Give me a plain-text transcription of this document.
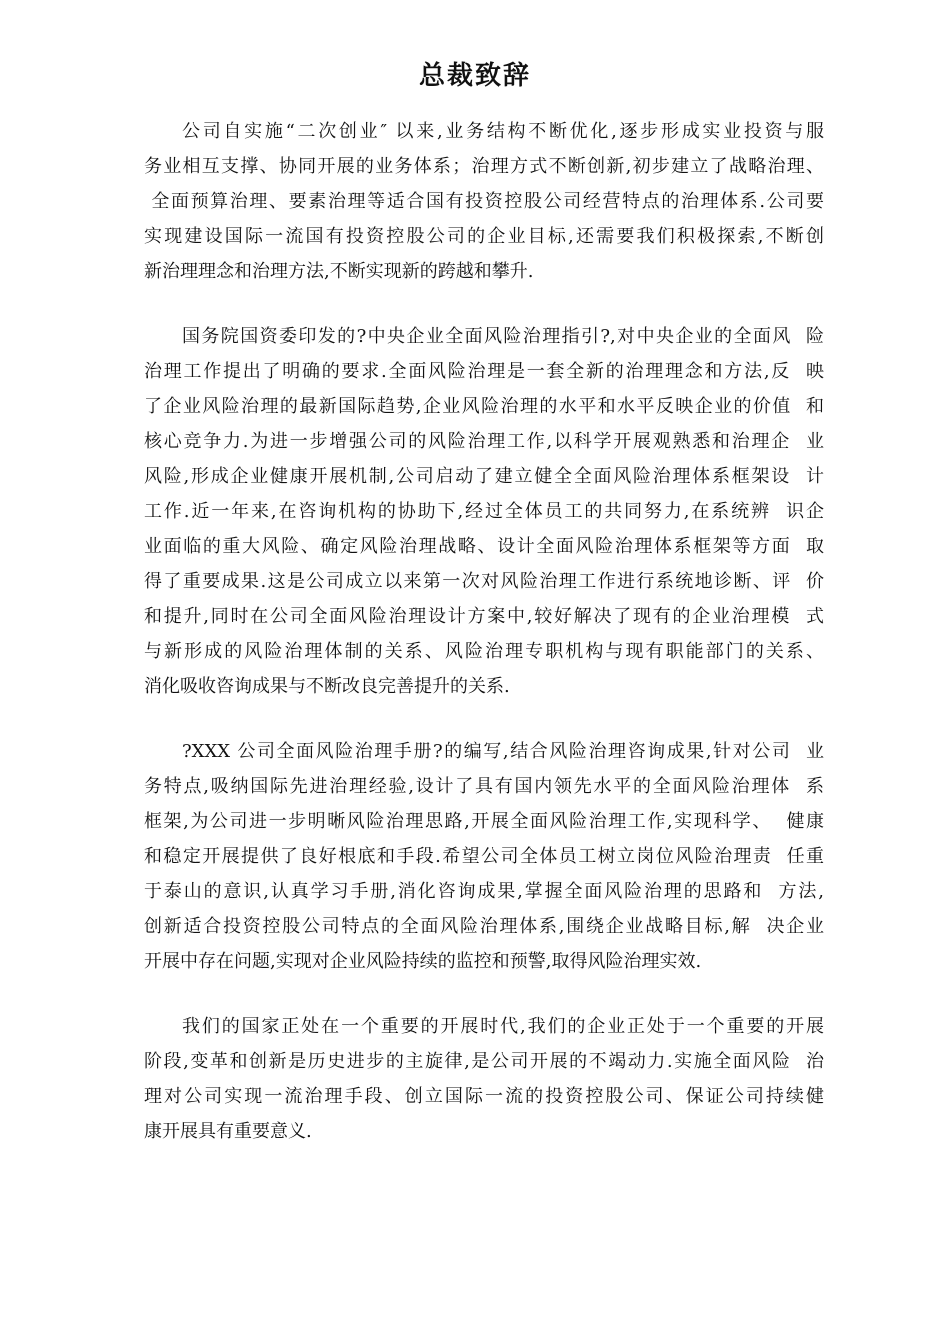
总裁致辞
公司自实施“二次创业″ 以来,业务结构不断优化,逐步形成实业投资与服
务业相互支撑、协同开展的业务体系；治理方式不断创新,初步建立了战略治理、
全面预算治理、要素治理等适合国有投资控股公司经营特点的治理体系.公司要
实现建设国际一流国有投资控股公司的企业目标,还需要我们积极探索,不断创
新治理理念和治理方法,不断实现新的跨越和攀升.
国务院国资委印发的?中央企业全面风险治理指引?,对中央企业的全面风  险
治理工作提出了明确的要求.全面风险治理是一套全新的治理理念和方法,反  映
了企业风险治理的最新国际趋势,企业风险治理的水平和水平反映企业的价值  和
核心竞争力.为进一步增强公司的风险治理工作,以科学开展观熟悉和治理企  业
风险,形成企业健康开展机制,公司启动了建立健全全面风险治理体系框架设  计
工作.近一年来,在咨询机构的协助下,经过全体员工的共同努力,在系统辨  识企
业面临的重大风险、确定风险治理战略、设计全面风险治理体系框架等方面  取
得了重要成果.这是公司成立以来第一次对风险治理工作进行系统地诊断、评  价
和提升,同时在公司全面风险治理设计方案中,较好解决了现有的企业治理模  式
与新形成的风险治理体制的关系、风险治理专职机构与现有职能部门的关系、
消化吸收咨询成果与不断改良完善提升的关系.
?XXX 公司全面风险治理手册?的编写,结合风险治理咨询成果,针对公司  业
务特点,吸纳国际先进治理经验,设计了具有国内领先水平的全面风险治理体  系
框架,为公司进一步明晰风险治理思路,开展全面风险治理工作,实现科学、  健康
和稳定开展提供了良好根底和手段.希望公司全体员工树立岗位风险治理责  任重
于泰山的意识,认真学习手册,消化咨询成果,掌握全面风险治理的思路和  方法,
创新适合投资控股公司特点的全面风险治理体系,围绕企业战略目标,解  决企业
开展中存在问题,实现对企业风险持续的监控和预警,取得风险治理实效.
我们的国家正处在一个重要的开展时代,我们的企业正处于一个重要的开展
阶段,变革和创新是历史进步的主旋律,是公司开展的不竭动力.实施全面风险  治
理对公司实现一流治理手段、创立国际一流的投资控股公司、保证公司持续健
康开展具有重要意义.
